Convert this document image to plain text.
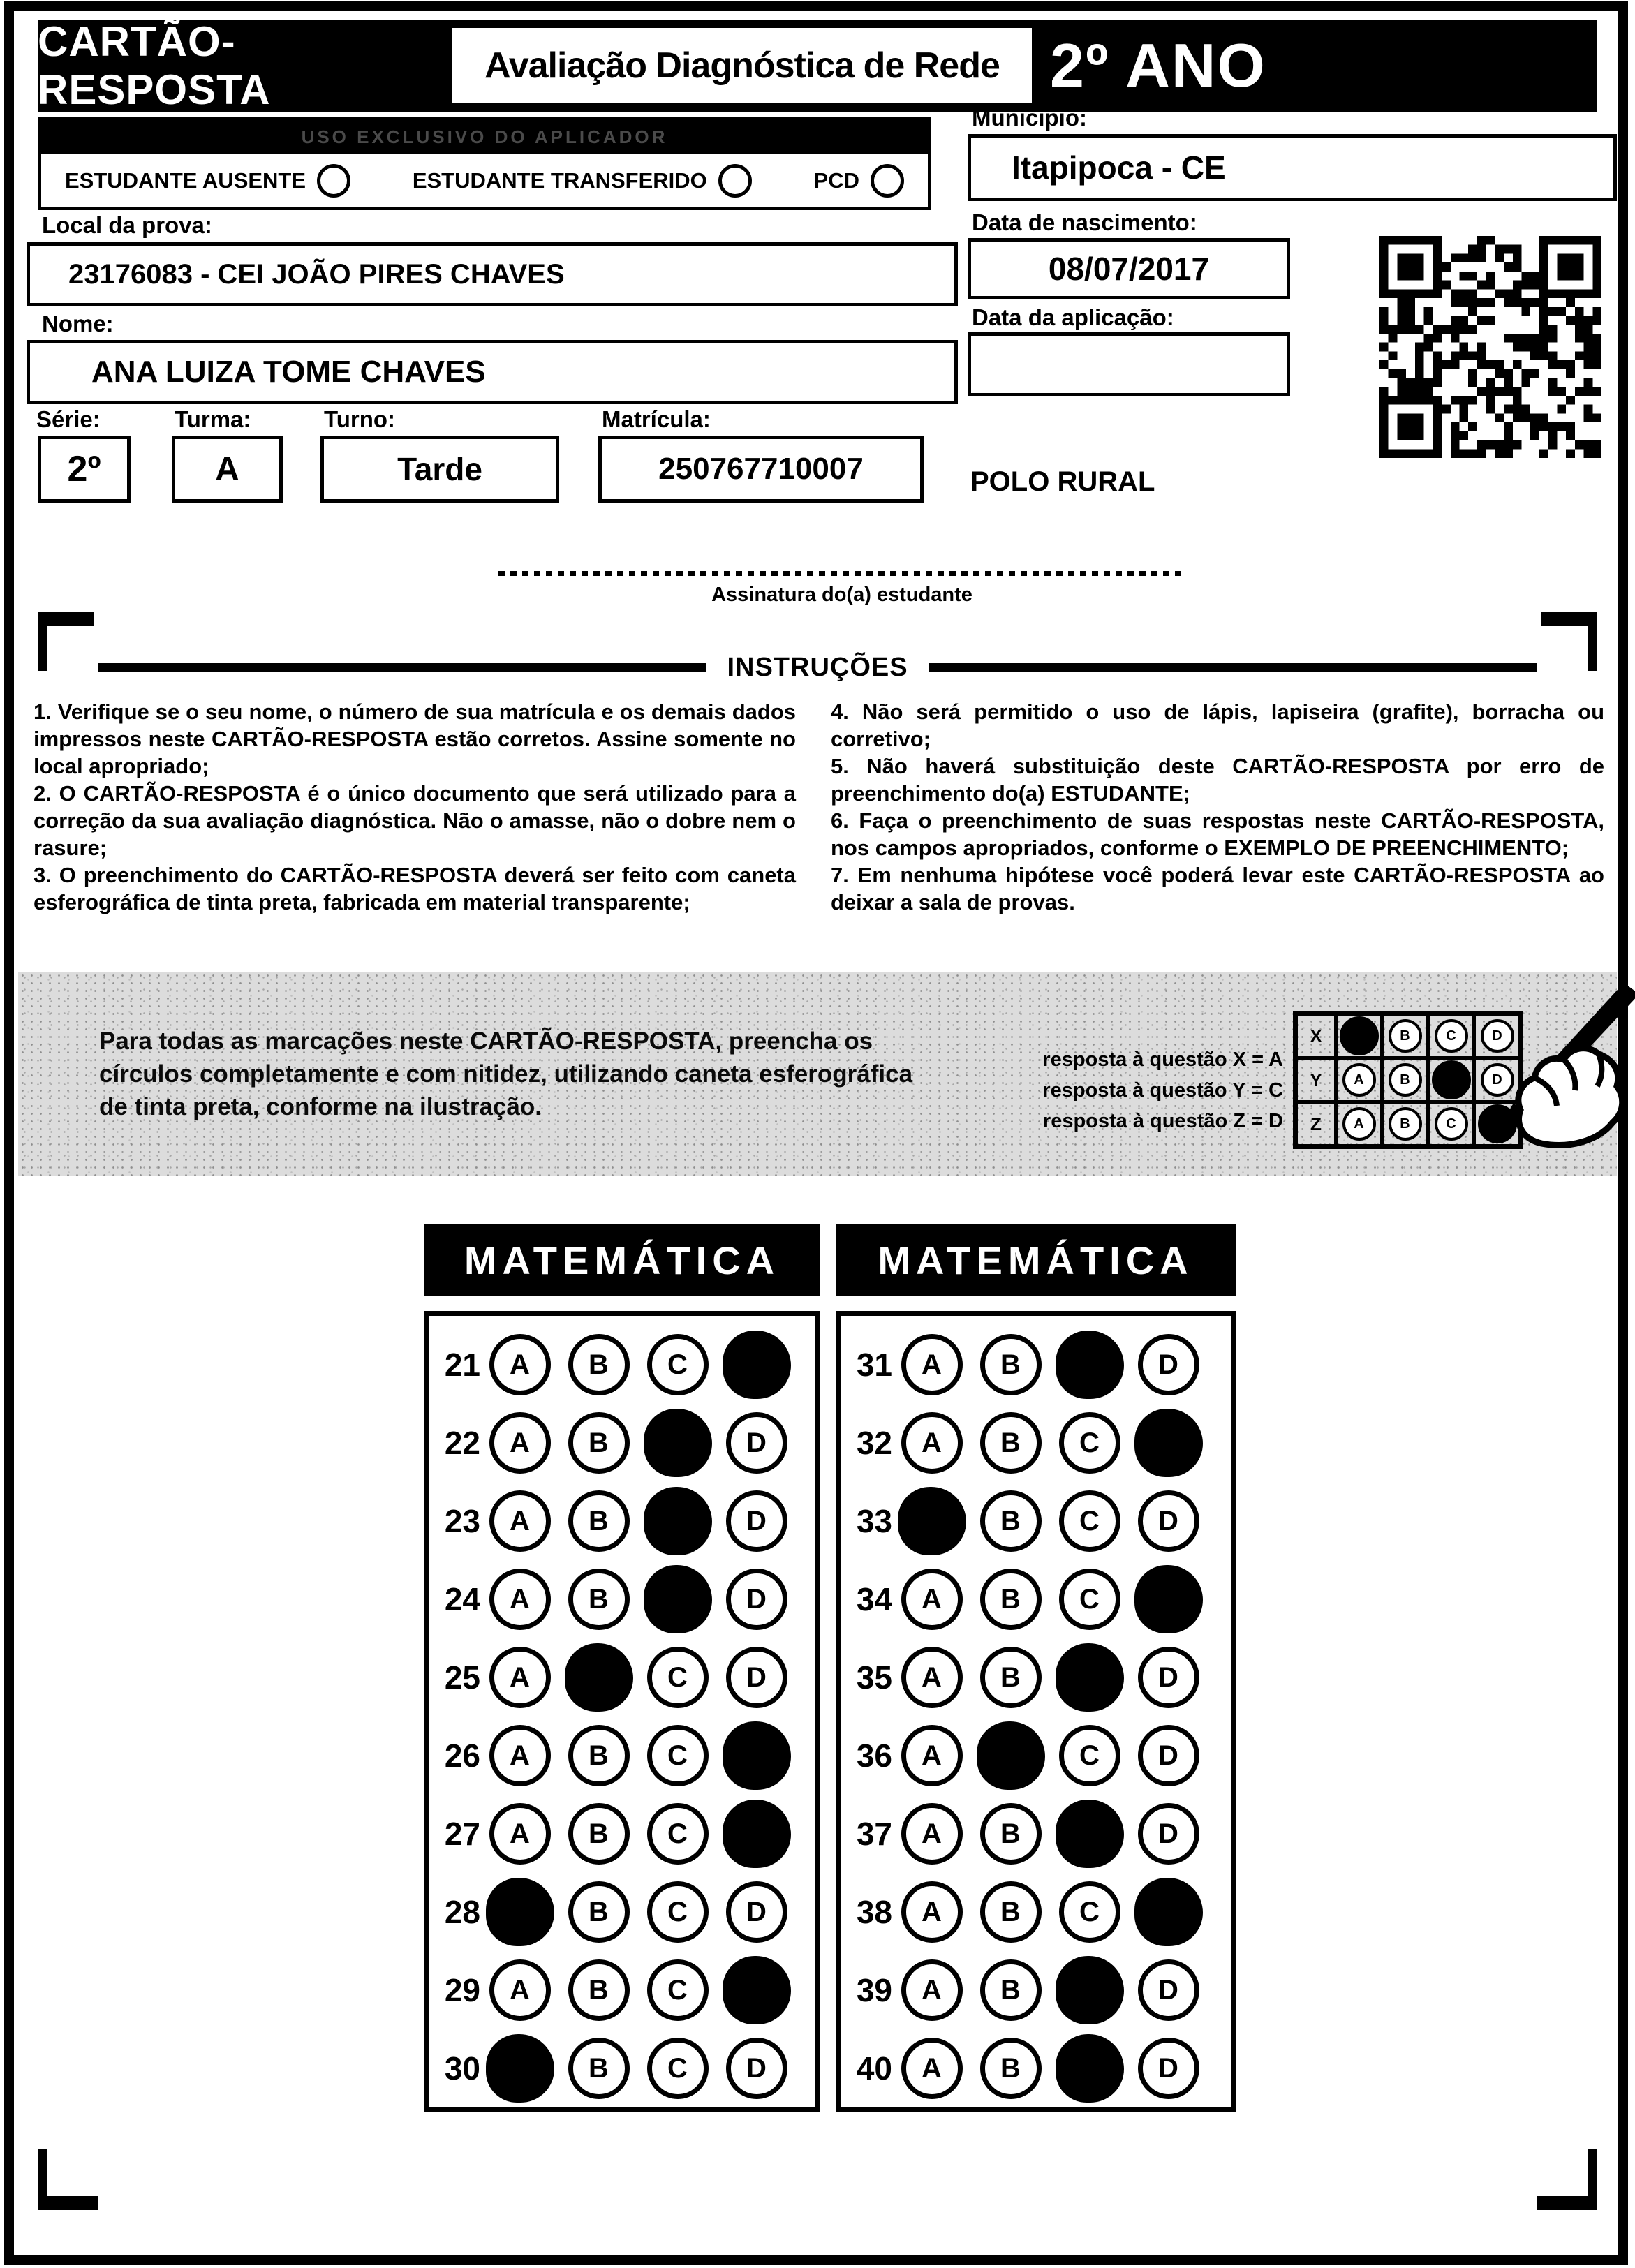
CARTÃO-RESPOSTA
Avaliação Diagnóstica de Rede 2º ANO
USO EXCLUSIVO DO APLICADOR
ESTUDANTE AUSENTE	ESTUDANTE TRANSFERIDO	PCD
Município:
Itapipoca - CE
Local da prova:
23176083 - CEI JOÃO PIRES CHAVES
Data de nascimento:
08/07/2017
Nome:
ANA LUIZA TOME CHAVES
Data da aplicação:
Série:
2º
Turma:
A
Turno:
Tarde
Matrícula:
250767710007	POLO RURAL
Assinatura do(a) estudante
INSTRUÇÕES

1. Verifique se o seu nome, o número de sua matrícula e os demais dados impressos neste CARTÃO-RESPOSTA estão corretos. Assine somente no local apropriado;

2. O CARTÃO-RESPOSTA é o único documento que será utilizado para a correção da sua avaliação diagnóstica. Não o amasse, não o dobre nem o rasure;

3. O preenchimento do CARTÃO-RESPOSTA deverá ser feito com caneta esferográfica de tinta preta, fabricada em material transparente;

4. Não será permitido o uso de lápis, lapiseira (grafite), borracha ou corretivo;

5. Não haverá substituição deste CARTÃO-RESPOSTA por erro de preenchimento do(a) ESTUDANTE;

6. Faça o preenchimento de suas respostas neste CARTÃO-RESPOSTA, nos campos apropriados, conforme o EXEMPLO DE PREENCHIMENTO;

7. Em nenhuma hipótese você poderá levar este CARTÃO-RESPOSTA ao deixar a sala de provas.

Para todas as marcações neste CARTÃO-RESPOSTA, preencha os círculos completamente e com nitidez, utilizando caneta esferográfica de tinta preta, conforme na ilustração.
resposta à questão X = A
resposta à questão Y = C
resposta à questão Z = D
X		B	C	D
Y	A	B		D
Z	A	B	C	
MATEMÁTICA	MATEMÁTICA
21 A B C
22 A B	D
23 A B	D
24 A B	D
25 A	C D
26 A B C
27 A B C
28	B C D
29 A B C
30	B C D
31 A B	D
32 A B C
33	B C D
34 A B C
35 A B	D
36 A	C D
37 A B	D
38 A B C
39 A B	D
40 A B	D
